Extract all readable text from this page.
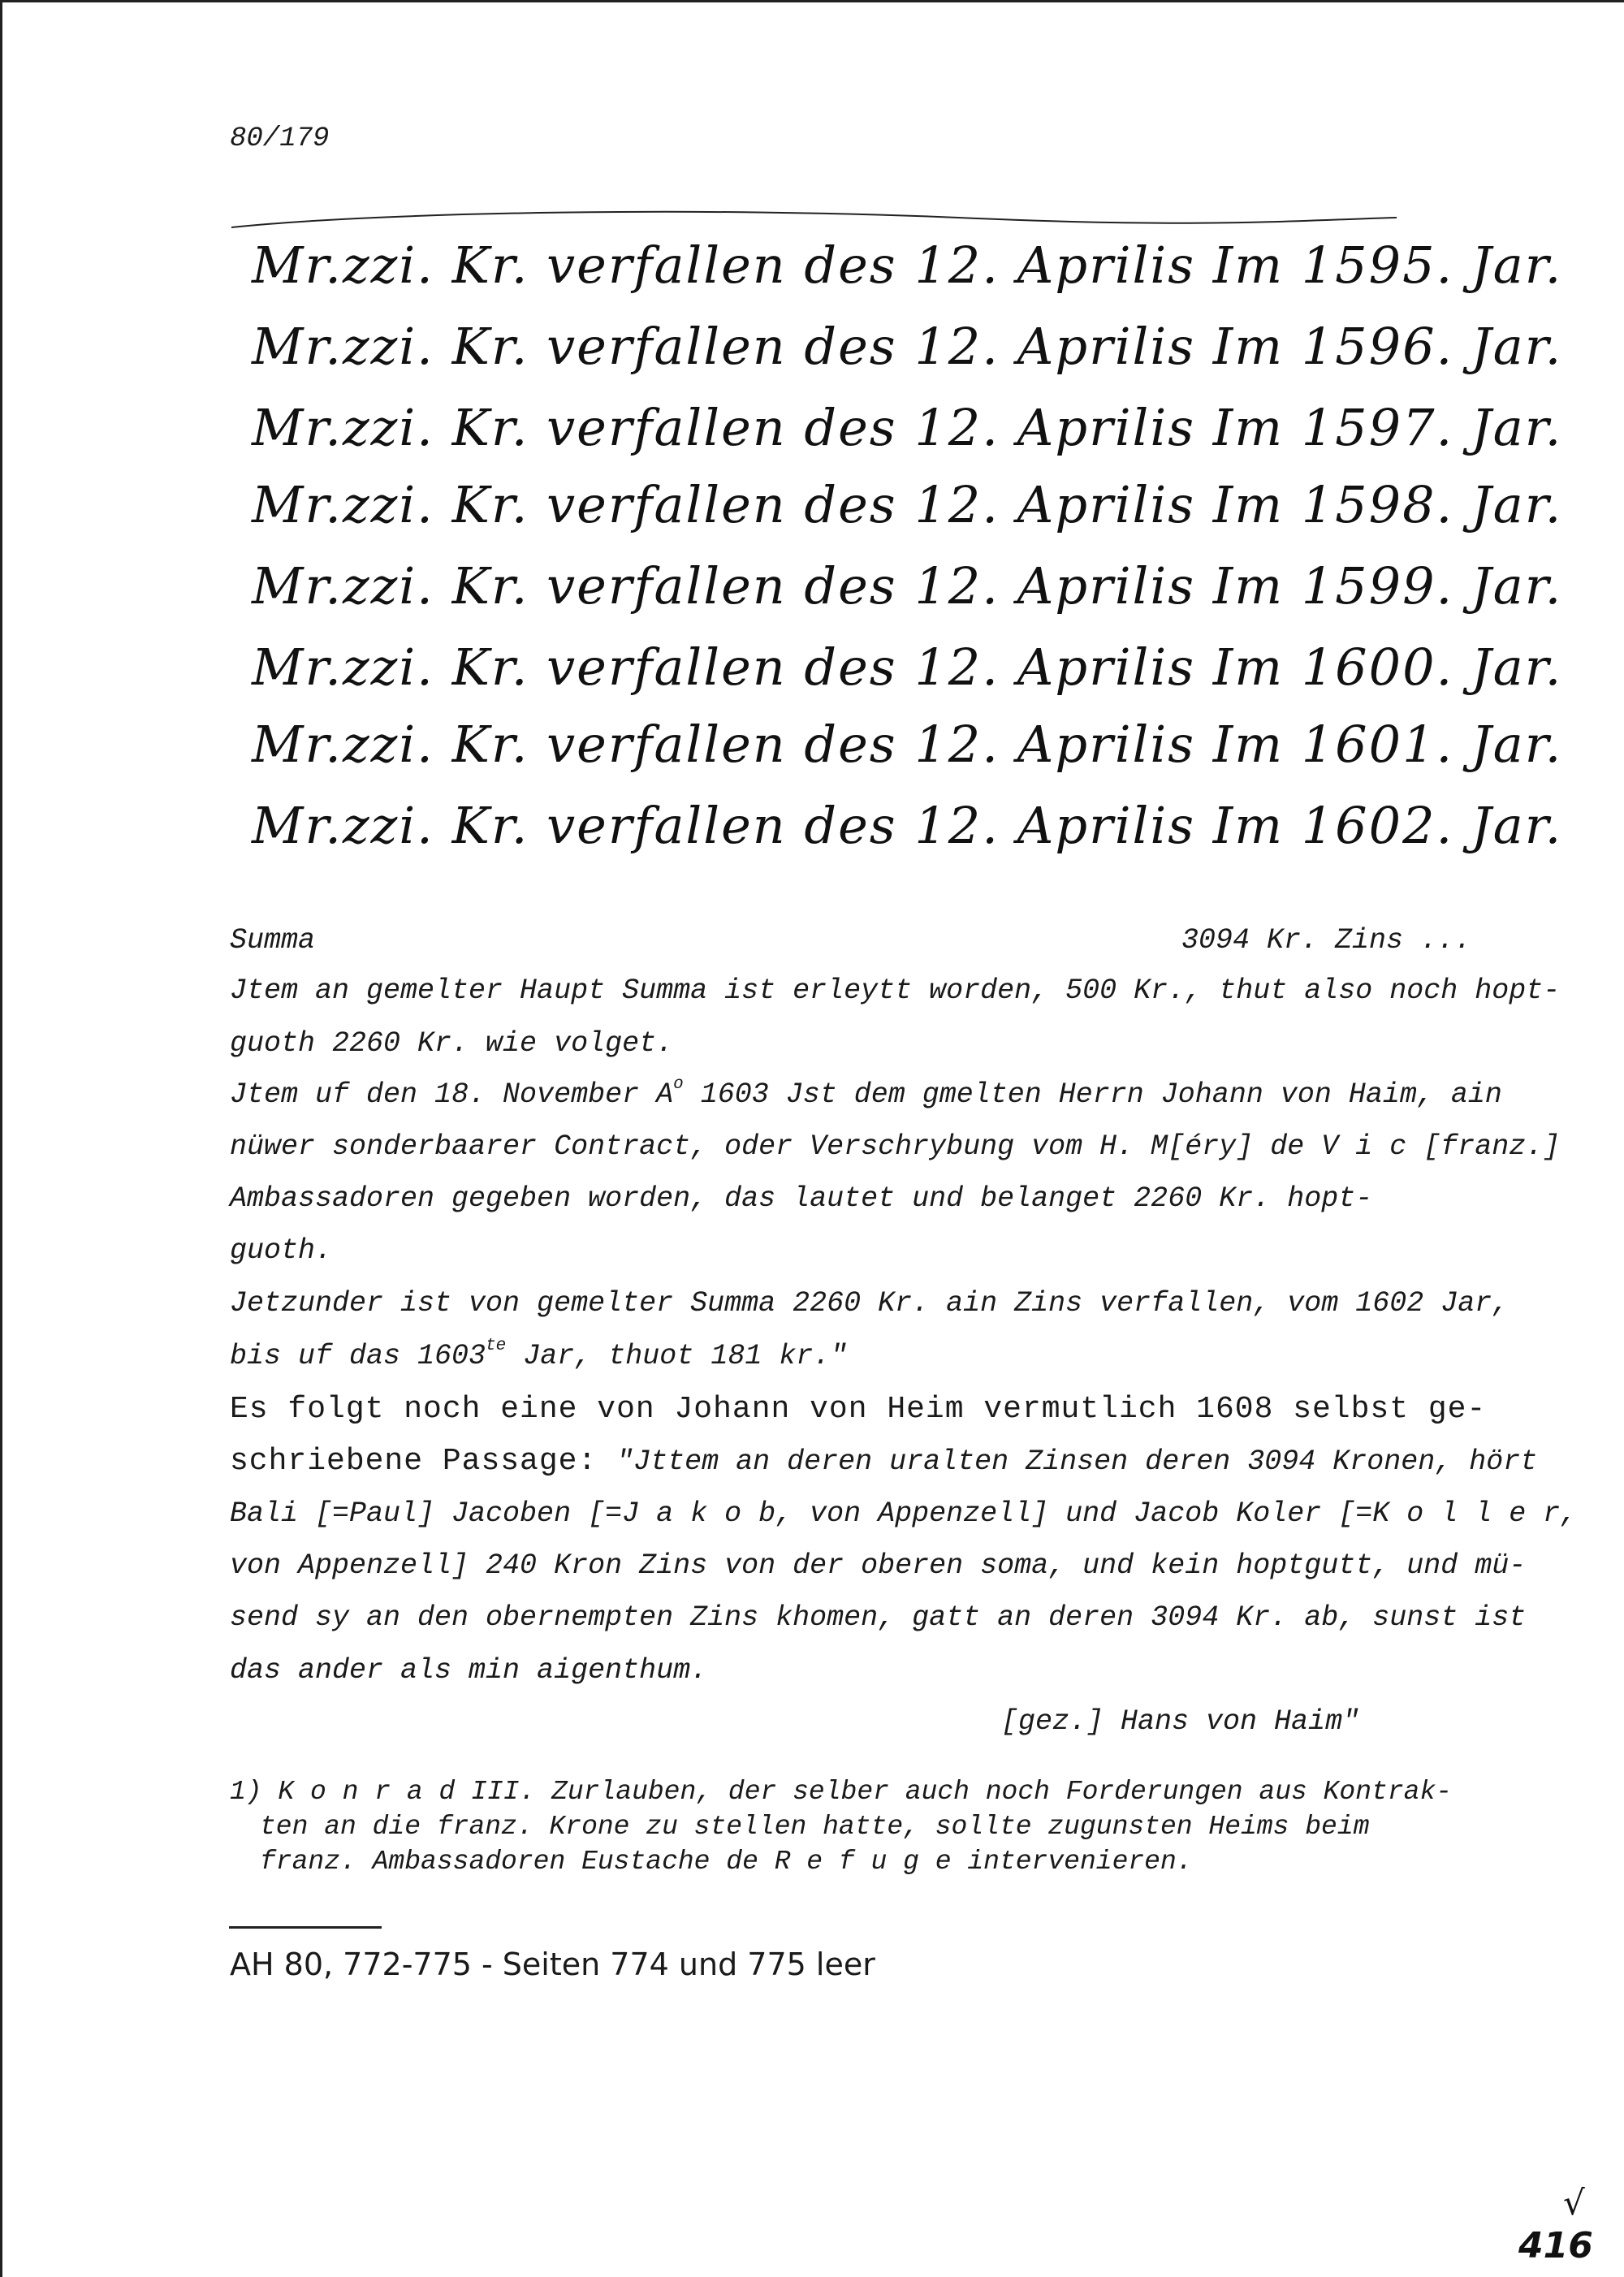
80/179
Mr.zzi. Kr. verfallen des 12. Aprilis Im 1595. Jar.
Mr.zzi. Kr. verfallen des 12. Aprilis Im 1596. Jar.
Mr.zzi. Kr. verfallen des 12. Aprilis Im 1597. Jar.
Mr.zzi. Kr. verfallen des 12. Aprilis Im 1598. Jar.
Mr.zzi. Kr. verfallen des 12. Aprilis Im 1599. Jar.
Mr.zzi. Kr. verfallen des 12. Aprilis Im 1600. Jar.
Mr.zzi. Kr. verfallen des 12. Aprilis Im 1601. Jar.
Mr.zzi. Kr. verfallen des 12. Aprilis Im 1602. Jar.
Summa	3094 Kr. Zins ...
Jtem an gemelter Haupt Summa ist erleytt worden, 500 Kr., thut also noch hopt-
guoth 2260 Kr. wie volget.
Jtem uf den 18. November $A^o$ 1603 Jst dem gmelten Herrn Johann von Haim, ain
nüwer sonderbaarer Contract, oder Verschrybung vom H. M[éry] de V i c [franz.]
Ambassadoren gegeben worden, das lautet und belanget 2260 Kr. hopt-
guoth.
Jetzunder ist von gemelter Summa 2260 Kr. ain Zins verfallen, vom 1602 Jar,
bis uf das $1603^{te}$ Jar, thuot 181 kr."
Es folgt noch eine von Johann von Heim vermutlich 1608 selbst ge-
schriebene Passage: "Jttem an deren uralten Zinsen deren 3094 Kronen, hört
Bali [=Paul] Jacoben [=J a k o b, von Appenzell] und Jacob Koler [=K o l l e r,
von Appenzell] 240 Kron Zins von der oberen soma, und kein hoptgutt, und mü-
send sy an den obernempten Zins khomen, gatt an deren 3094 Kr. ab, sunst ist
das ander als min aigenthum.
[gez.] Hans von Haim"
1) K o n r a d III. Zurlauben, der selber auch noch Forderungen aus Kontrak-
ten an die franz. Krone zu stellen hatte, sollte zugunsten Heims beim
franz. Ambassadoren Eustache de R e f u g e intervenieren.
AH 80, 772-775 - Seiten 774 und 775 leer
√
416
